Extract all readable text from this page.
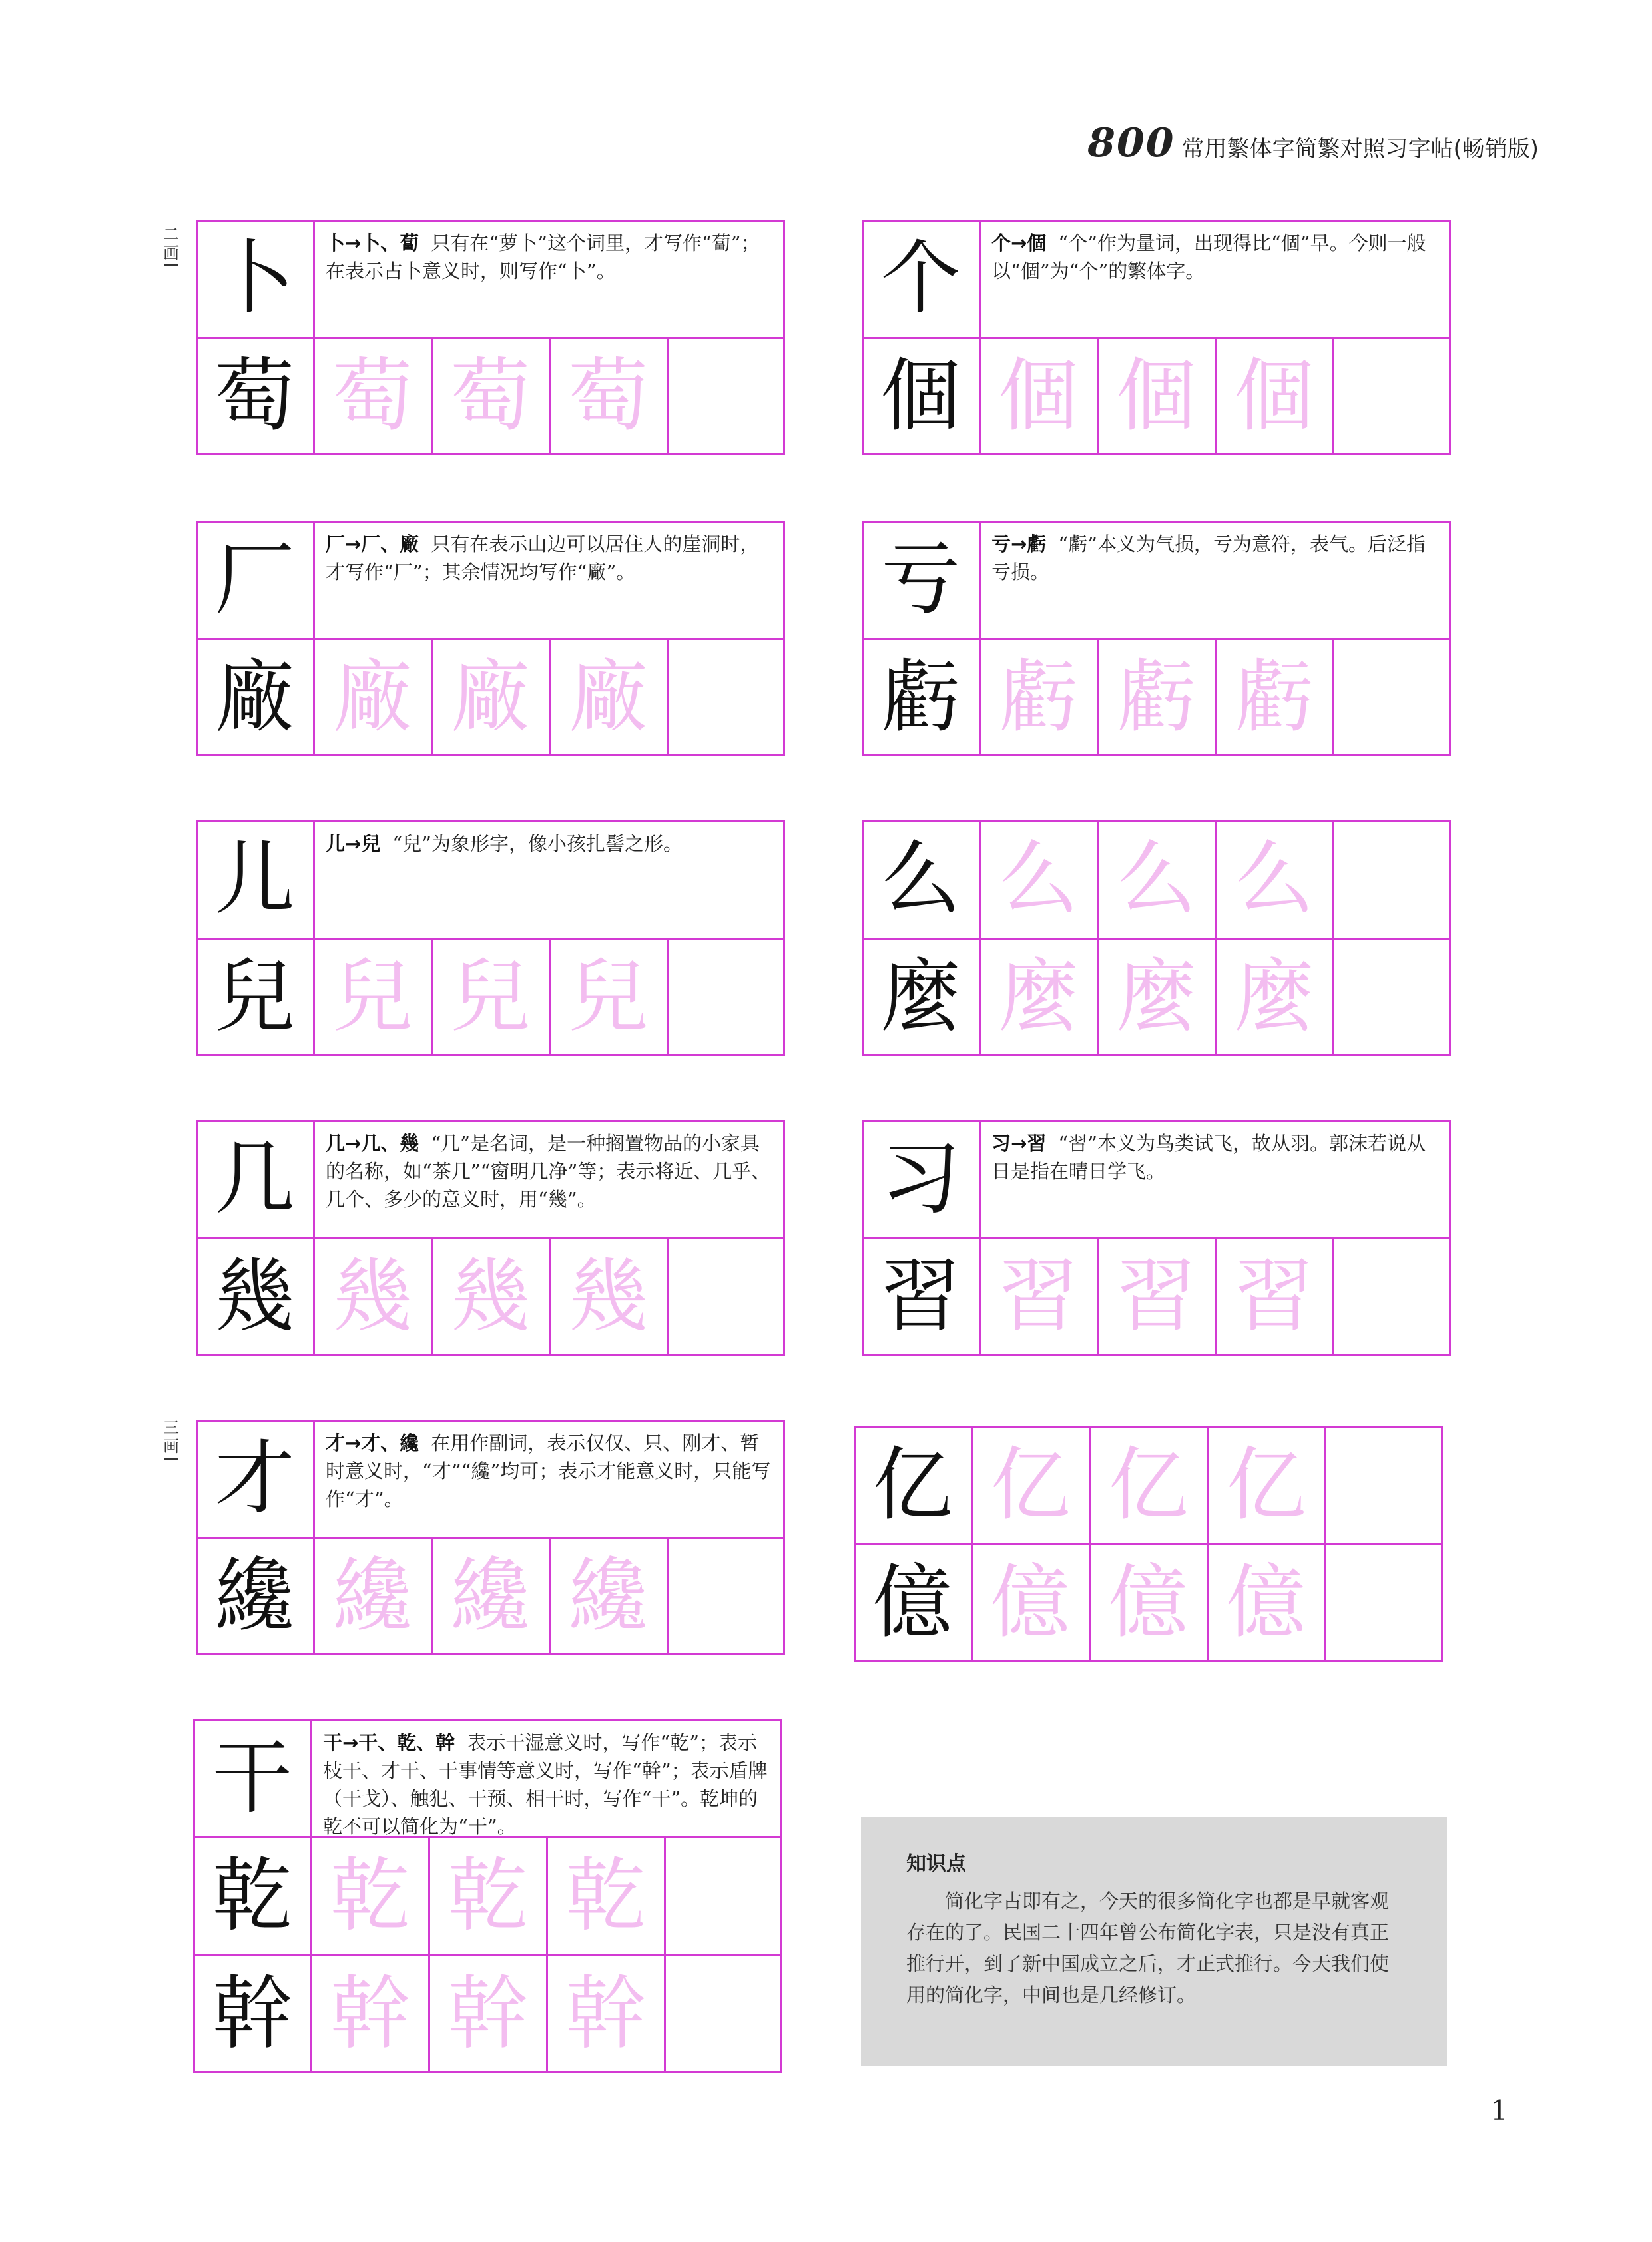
800 常用繁体字简繁对照习字帖(畅销版)
二画
三画
卜	卜→卜、蔔 只有在“萝卜”这个词里，才写作“蔔”；在表示占卜意义时，则写作“卜”。
萄 萄 萄 萄
个	个→個 “个”作为量词，出现得比“個”早。今则一般以“個”为“个”的繁体字。
個 個 個 個
厂	厂→厂、廠 只有在表示山边可以居住人的崖洞时，才写作“厂”；其余情况均写作“廠”。
廠 廠 廠 廠
亏	亏→虧 “虧”本义为气损，亏为意符，表气。后泛指亏损。
虧 虧 虧 虧
儿	儿→兒 “兒”为象形字，像小孩扎髻之形。
兒 兒 兒 兒
么 么 么 么
麼 麼 麼 麼
几	几→几、幾 “几”是名词，是一种搁置物品的小家具的名称，如“茶几”“窗明几净”等；表示将近、几乎、几个、多少的意义时，用“幾”。
幾 幾 幾 幾
习	习→習 “習”本义为鸟类试飞，故从羽。郭沫若说从日是指在晴日学飞。
習 習 習 習
才	才→才、纔 在用作副词，表示仅仅、只、刚才、暂时意义时，“才”“纔”均可；表示才能意义时，只能写作“才”。
纔 纔 纔 纔
亿 亿 亿 亿
億 億 億 億
干	干→干、乾、幹 表示干湿意义时，写作“乾”；表示枝干、才干、干事情等意义时，写作“幹”；表示盾牌（干戈）、触犯、干预、相干时，写作“干”。乾坤的乾不可以简化为“干”。
乾 乾 乾 乾
幹 幹 幹 幹
知识点
简化字古即有之，今天的很多简化字也都是早就客观存在的了。民国二十四年曾公布简化字表，只是没有真正推行开，到了新中国成立之后，才正式推行。今天我们使用的简化字，中间也是几经修订。
1
